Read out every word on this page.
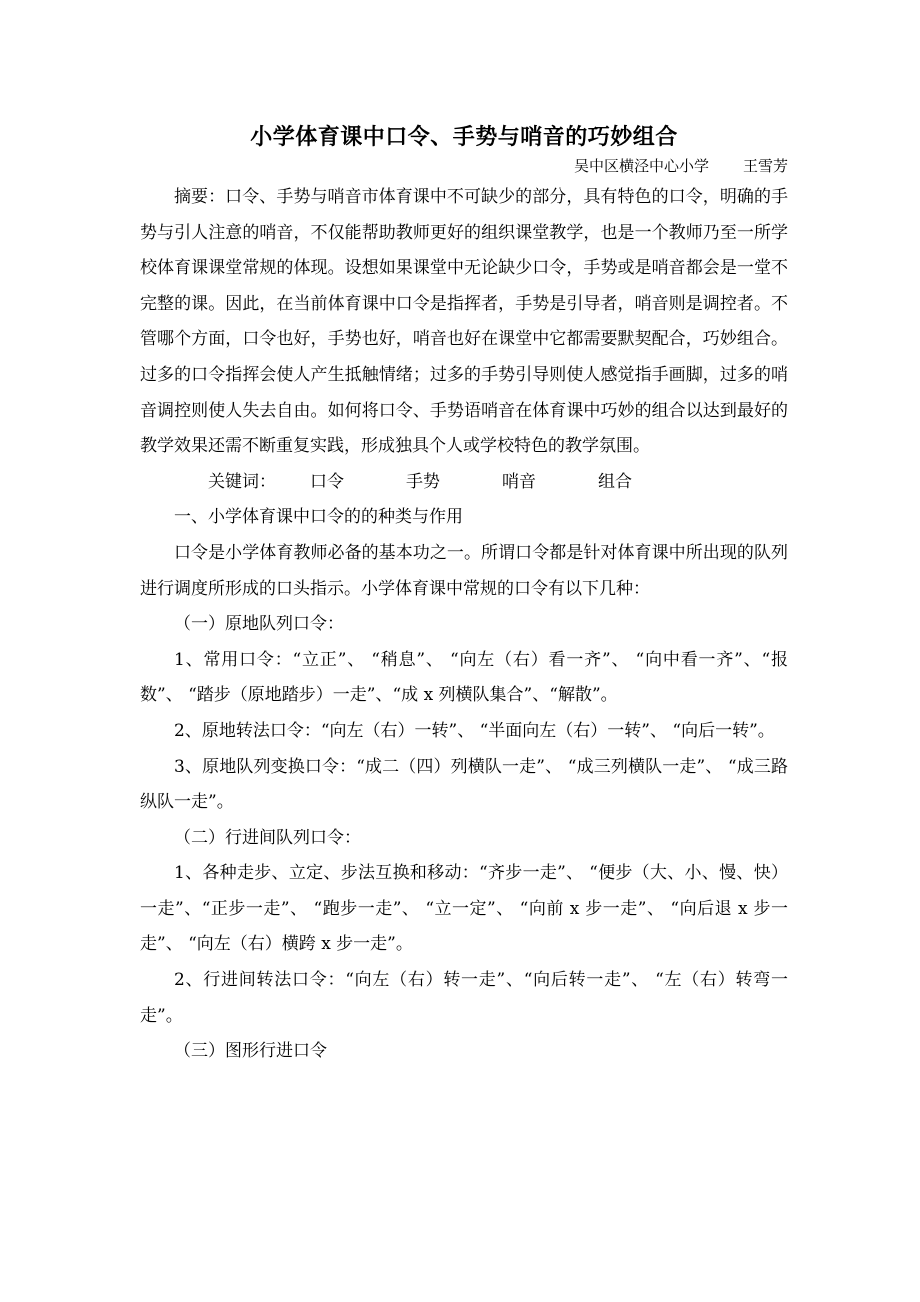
小学体育课中口令、手势与哨音的巧妙组合

吴中区横泾中心小学 王雪芳

摘要：口令、手势与哨音市体育课中不可缺少的部分，具有特色的口令，明确的手势与引人注意的哨音，不仅能帮助教师更好的组织课堂教学，也是一个教师乃至一所学校体育课课堂常规的体现。设想如果课堂中无论缺少口令，手势或是哨音都会是一堂不完整的课。因此，在当前体育课中口令是指挥者，手势是引导者，哨音则是调控者。不管哪个方面，口令也好，手势也好，哨音也好在课堂中它都需要默契配合，巧妙组合。过多的口令指挥会使人产生抵触情绪；过多的手势引导则使人感觉指手画脚，过多的哨音调控则使人失去自由。如何将口令、手势语哨音在体育课中巧妙的组合以达到最好的教学效果还需不断重复实践，形成独具个人或学校特色的教学氛围。

关键词： 口令	手势	哨音	组合

一、小学体育课中口令的的种类与作用

口令是小学体育教师必备的基本功之一。所谓口令都是针对体育课中所出现的队列进行调度所形成的口头指示。小学体育课中常规的口令有以下几种：

（一）原地队列口令：

1、常用口令：“立正”、 “稍息”、 “向左（右）看一齐”、 “向中看一齐”、“报数”、 “踏步（原地踏步）一走”、“成 x 列横队集合”、“解散”。

2、原地转法口令：“向左（右）一转”、 “半面向左（右）一转”、 “向后一转”。

3、原地队列变换口令：“成二（四）列横队一走”、 “成三列横队一走”、 “成三路纵队一走”。

（二）行进间队列口令：

1、各种走步、立定、步法互换和移动：“齐步一走”、 “便步（大、小、慢、快）一走”、“正步一走”、 “跑步一走”、 “立一定”、 “向前 x 步一走”、 “向后退 x 步一走”、 “向左（右）横跨 x 步一走”。

2、行进间转法口令：“向左（右）转一走”、“向后转一走”、 “左（右）转弯一走”。

（三）图形行进口令
